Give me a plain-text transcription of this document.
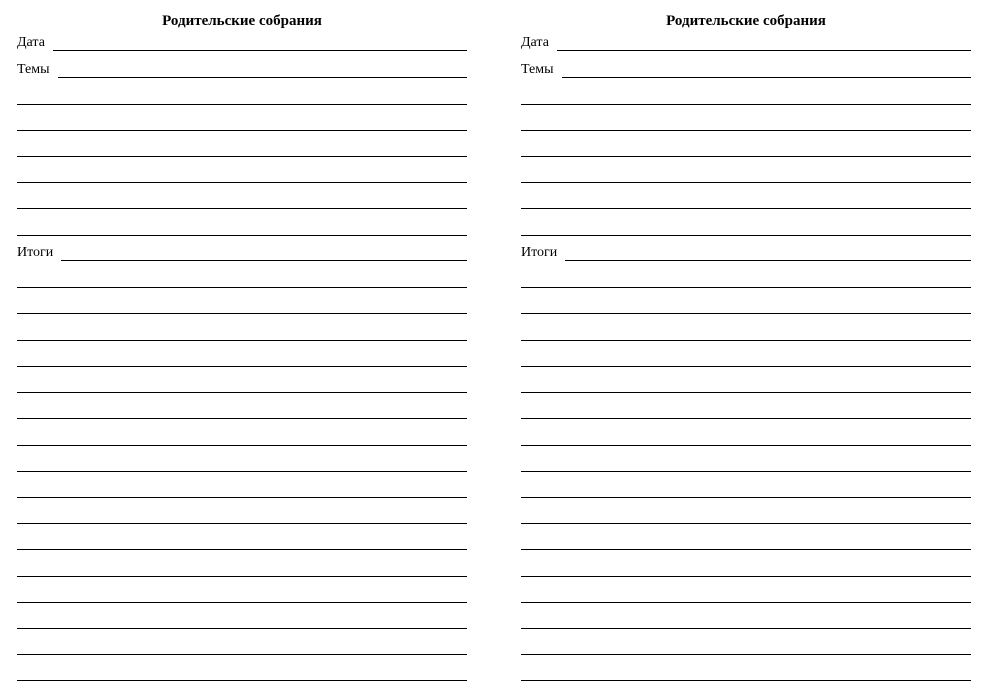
Родительские собрания
Дата
Темы
Итоги
Родительские собрания
Дата
Темы
Итоги
